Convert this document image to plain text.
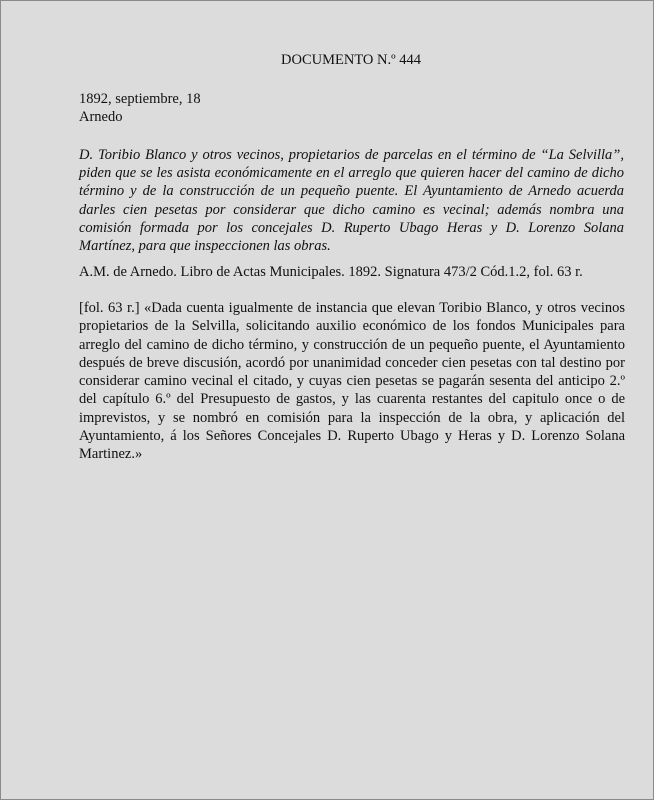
DOCUMENTO N.º 444
1892, septiembre, 18
Arnedo

D. Toribio Blanco y otros vecinos, propietarios de parcelas en el término de “La Selvilla”, piden que se les asista económicamente en el arreglo que quieren hacer del camino de dicho término y de la construcción de un pequeño puente. El Ayuntamiento de Arnedo acuerda darles cien pesetas por considerar que dicho camino es vecinal; además nombra una comisión formada por los concejales D. Ruperto Ubago Heras y D. Lorenzo Solana Martínez, para que inspeccionen las obras.

A.M. de Arnedo. Libro de Actas Municipales. 1892. Signatura 473/2 Cód.1.2, fol. 63 r.

[fol. 63 r.] «Dada cuenta igualmente de instancia que elevan Toribio Blanco, y otros vecinos propietarios de la Selvilla, solicitando auxilio económico de los fondos Municipales para arreglo del camino de dicho término, y construcción de un pequeño puente, el Ayuntamiento después de breve discusión, acordó por unanimidad conceder cien pesetas con tal destino por considerar camino vecinal el citado, y cuyas cien pesetas se pagarán sesenta del anticipo 2.º del capítulo 6.º del Presupuesto de gastos, y las cuarenta restantes del capitulo once o de imprevistos, y se nombró en comisión para la inspección de la obra, y aplicación del Ayuntamiento, á los Señores Concejales D. Ruperto Ubago y Heras y D. Lorenzo Solana Martinez.»
